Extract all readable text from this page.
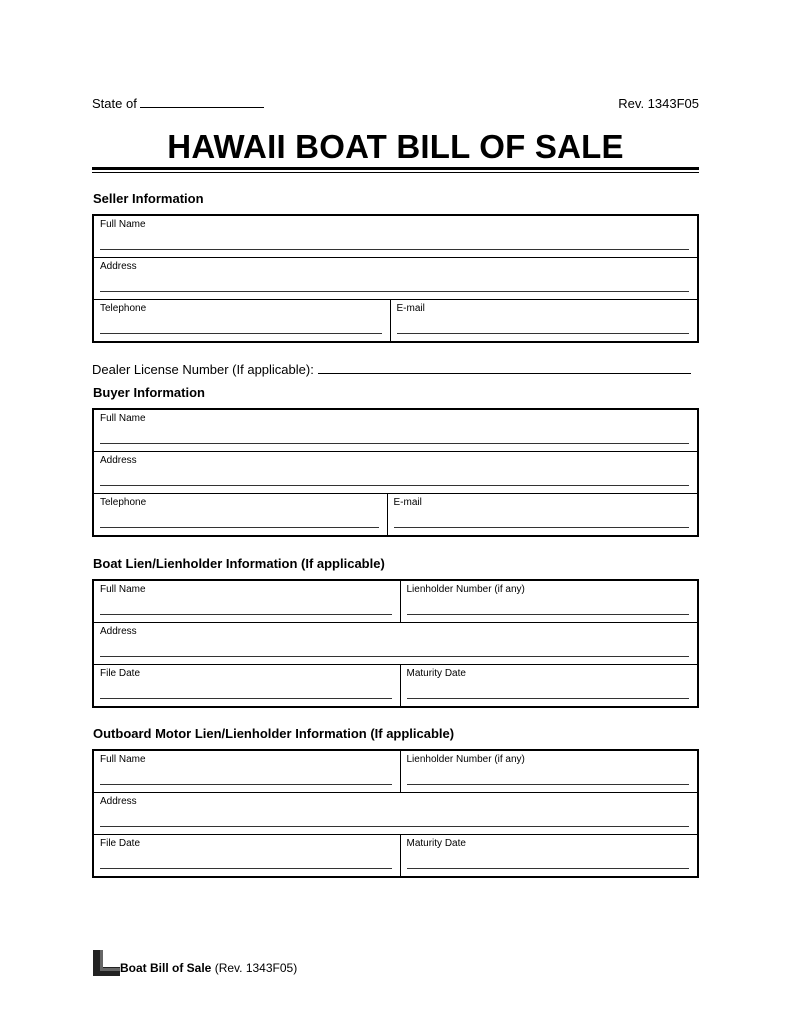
State of	Rev. 1343F05
HAWAII BOAT BILL OF SALE
Seller Information
Full Name

Address

Telephone	E-mail
Dealer License Number (If applicable):
Buyer Information
Full Name

Address

Telephone	E-mail
Boat Lien/Lienholder Information (If applicable)
Full Name	Lienholder Number (if any)

Address	

File Date	Maturity Date
Outboard Motor Lien/Lienholder Information (If applicable)
Full Name	Lienholder Number (if any)

Address	

File Date	Maturity Date
Boat Bill of Sale (Rev. 1343F05)
